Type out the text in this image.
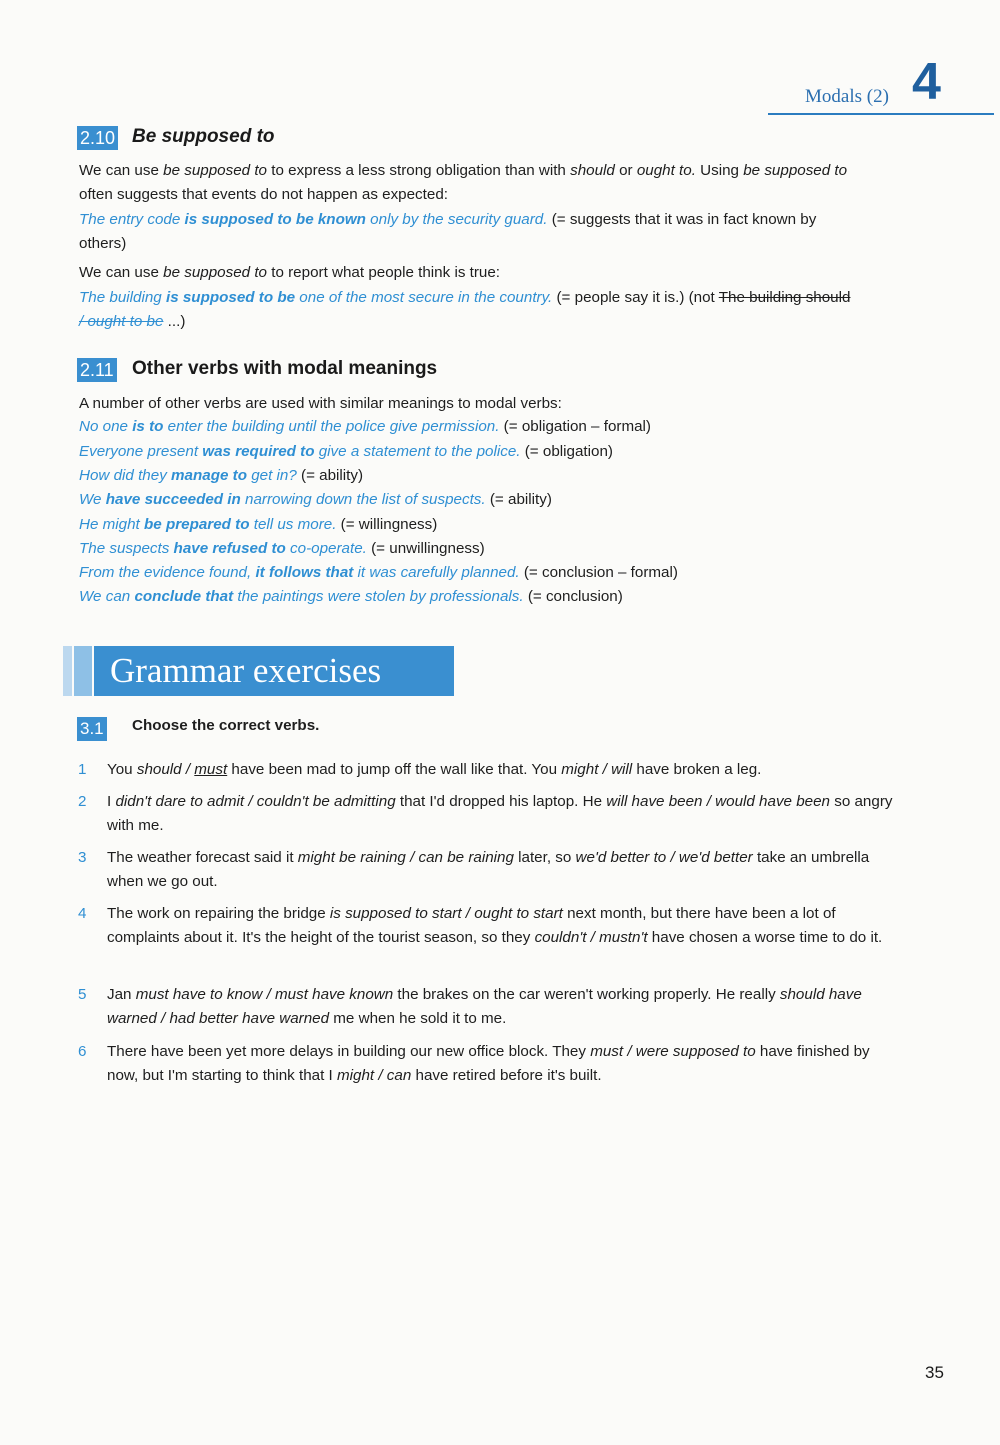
Modals (2) 4
2.10 Be supposed to
We can use be supposed to to express a less strong obligation than with should or ought to. Using be supposed to
often suggests that events do not happen as expected:
The entry code is supposed to be known only by the security guard. (= suggests that it was in fact known by
others)
We can use be supposed to to report what people think is true:
The building is supposed to be one of the most secure in the country. (= people say it is.) (not The building should
/ ought to be ...)
2.11 Other verbs with modal meanings
A number of other verbs are used with similar meanings to modal verbs:
No one is to enter the building until the police give permission. (= obligation – formal)
Everyone present was required to give a statement to the police. (= obligation)
How did they manage to get in? (= ability)
We have succeeded in narrowing down the list of suspects. (= ability)
He might be prepared to tell us more. (= willingness)
The suspects have refused to co-operate. (= unwillingness)
From the evidence found, it follows that it was carefully planned. (= conclusion – formal)
We can conclude that the paintings were stolen by professionals. (= conclusion)
Grammar exercises
3.1 Choose the correct verbs.
1 You should / must have been mad to jump off the wall like that. You might / will have broken a leg.
2 I didn't dare to admit / couldn't be admitting that I'd dropped his laptop. He will have been / would have been so angry with me.
3 The weather forecast said it might be raining / can be raining later, so we'd better to / we'd better take an umbrella when we go out.
4 The work on repairing the bridge is supposed to start / ought to start next month, but there have been a lot of complaints about it. It's the height of the tourist season, so they couldn't / mustn't have chosen a worse time to do it.
5 Jan must have to know / must have known the brakes on the car weren't working properly. He really should have warned / had better have warned me when he sold it to me.
6 There have been yet more delays in building our new office block. They must / were supposed to have finished by now, but I'm starting to think that I might / can have retired before it's built.
35
